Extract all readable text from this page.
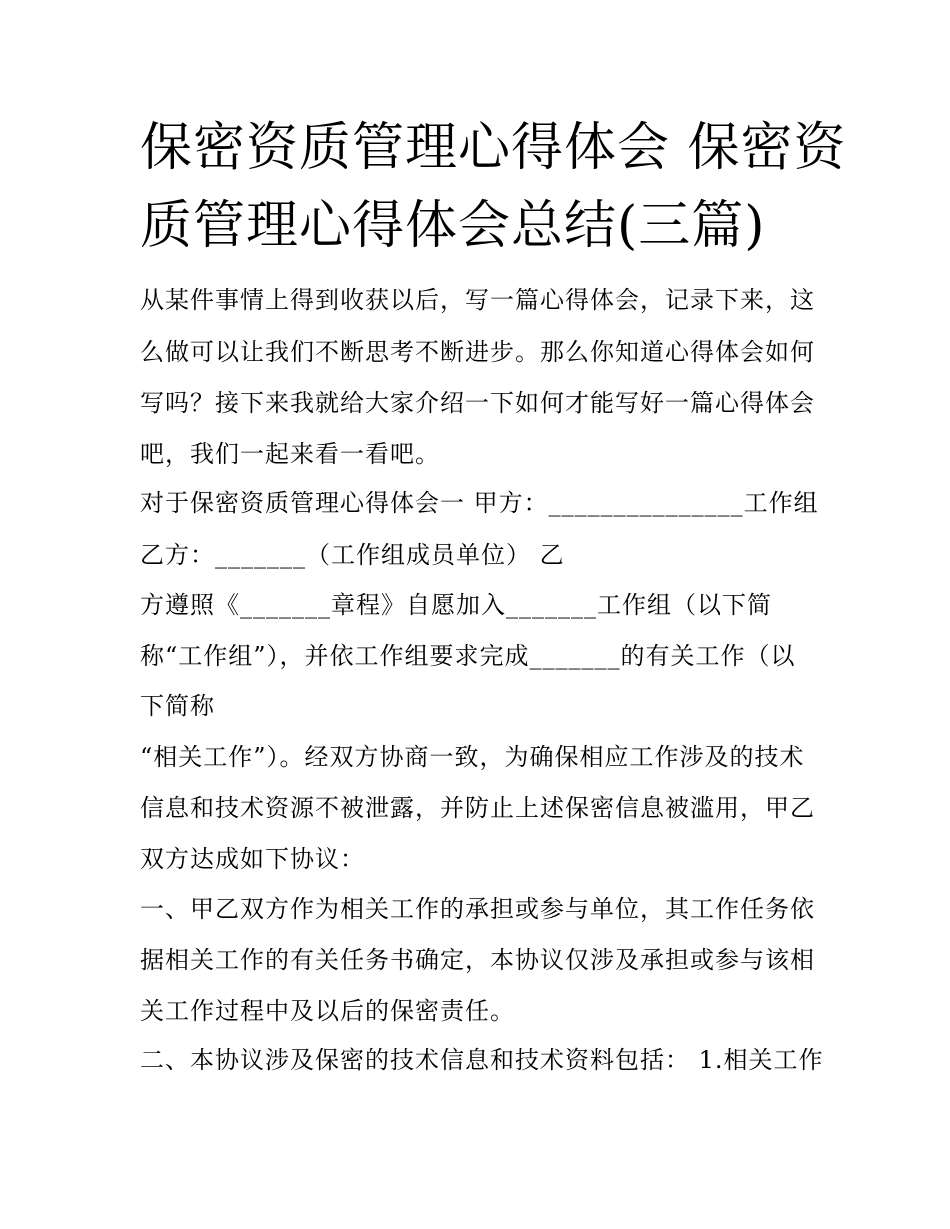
保密资质管理心得体会 保密资
质管理心得体会总结(三篇)
从某件事情上得到收获以后，写一篇心得体会，记录下来，这
么做可以让我们不断思考不断进步。那么你知道心得体会如何
写吗？接下来我就给大家介绍一下如何才能写好一篇心得体会
吧，我们一起来看一看吧。
对于保密资质管理心得体会一 甲方：_______________工作组
乙方：_______（工作组成员单位） 乙
方遵照《_______章程》自愿加入_______工作组（以下简
称“工作组”），并依工作组要求完成_______的有关工作（以
下简称
“相关工作”）。经双方协商一致，为确保相应工作涉及的技术
信息和技术资源不被泄露，并防止上述保密信息被滥用，甲乙
双方达成如下协议：
一、甲乙双方作为相关工作的承担或参与单位，其工作任务依
据相关工作的有关任务书确定，本协议仅涉及承担或参与该相
关工作过程中及以后的保密责任。
二、本协议涉及保密的技术信息和技术资料包括： 1.相关工作
